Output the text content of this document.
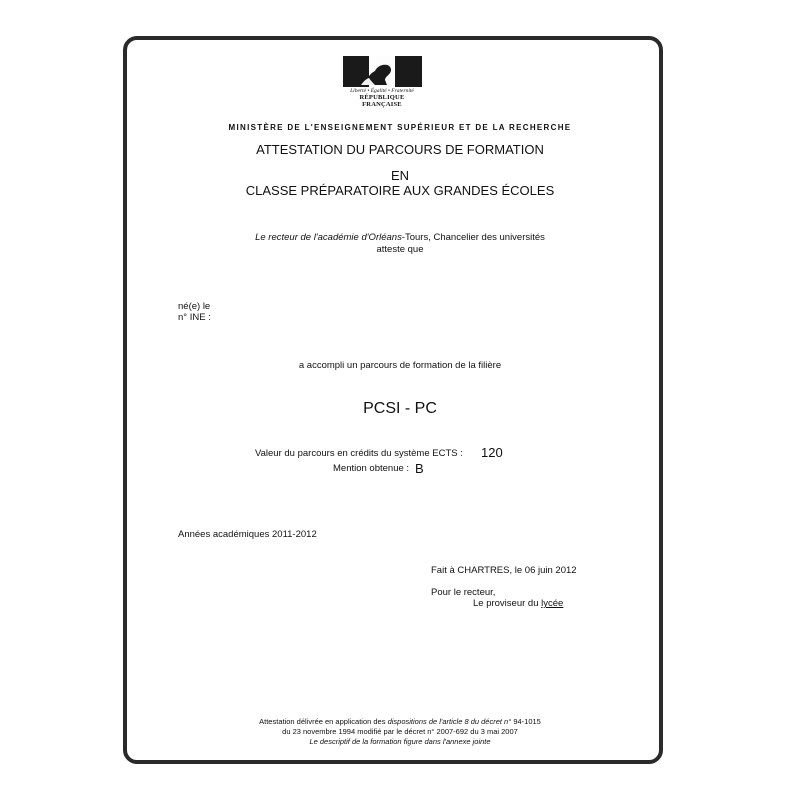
Liberté • Égalité • Fraternité
RÉPUBLIQUE FRANÇAISE
MINISTÈRE DE L'ENSEIGNEMENT SUPÉRIEUR ET DE LA RECHERCHE
ATTESTATION DU PARCOURS DE FORMATION
EN
CLASSE PRÉPARATOIRE AUX GRANDES ÉCOLES
Le recteur de l'académie d'Orléans-Tours, Chancelier des universités
atteste que
né(e) le
n° INE :
a accompli un parcours de formation de la filière
PCSI - PC
Valeur du parcours en crédits du système ECTS : 120
Mention obtenue : B
Années académiques 2011-2012
Fait à CHARTRES, le 06 juin 2012
Pour le recteur,
Le proviseur du lycée
Attestation délivrée en application des dispositions de l'article 8 du décret n° 94-1015
du 23 novembre 1994 modifié par le décret n° 2007-692 du 3 mai 2007
Le descriptif de la formation figure dans l'annexe jointe
